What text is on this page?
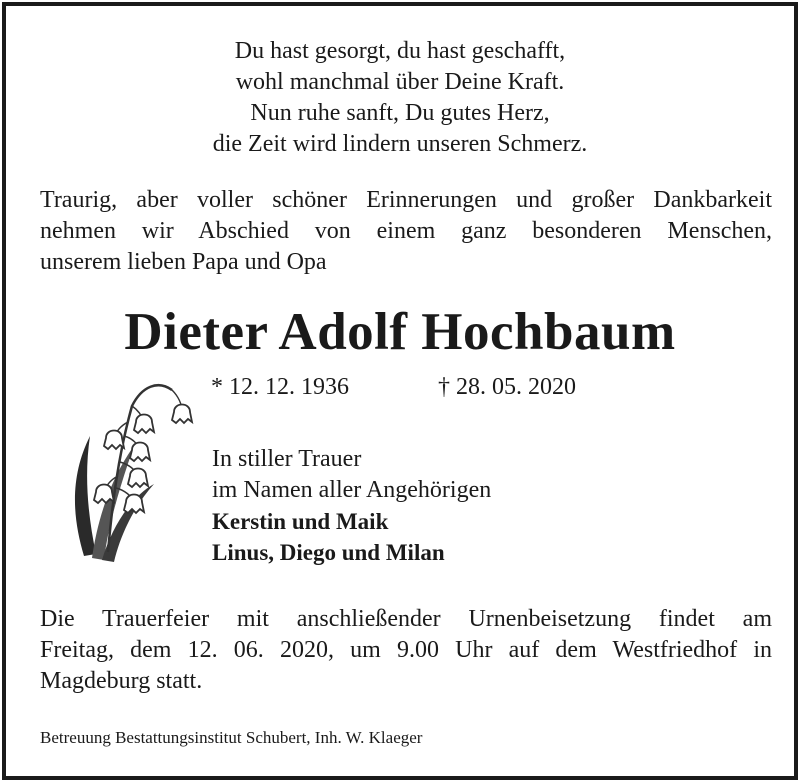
Du hast gesorgt, du hast geschafft,
wohl manchmal über Deine Kraft.
Nun ruhe sanft, Du gutes Herz,
die Zeit wird lindern unseren Schmerz.
Traurig, aber voller schöner Erinnerungen und großer Dankbarkeit
nehmen wir Abschied von einem ganz besonderen Menschen,
unserem lieben Papa und Opa
Dieter Adolf Hochbaum
* 12. 12. 1936	† 28. 05. 2020
In stiller Trauer
im Namen aller Angehörigen
Kerstin und Maik
Linus, Diego und Milan
Die Trauerfeier mit anschließender Urnenbeisetzung findet am
Freitag, dem 12. 06. 2020, um 9.00 Uhr auf dem Westfriedhof in
Magdeburg statt.
Betreuung Bestattungsinstitut Schubert, Inh. W. Klaeger
